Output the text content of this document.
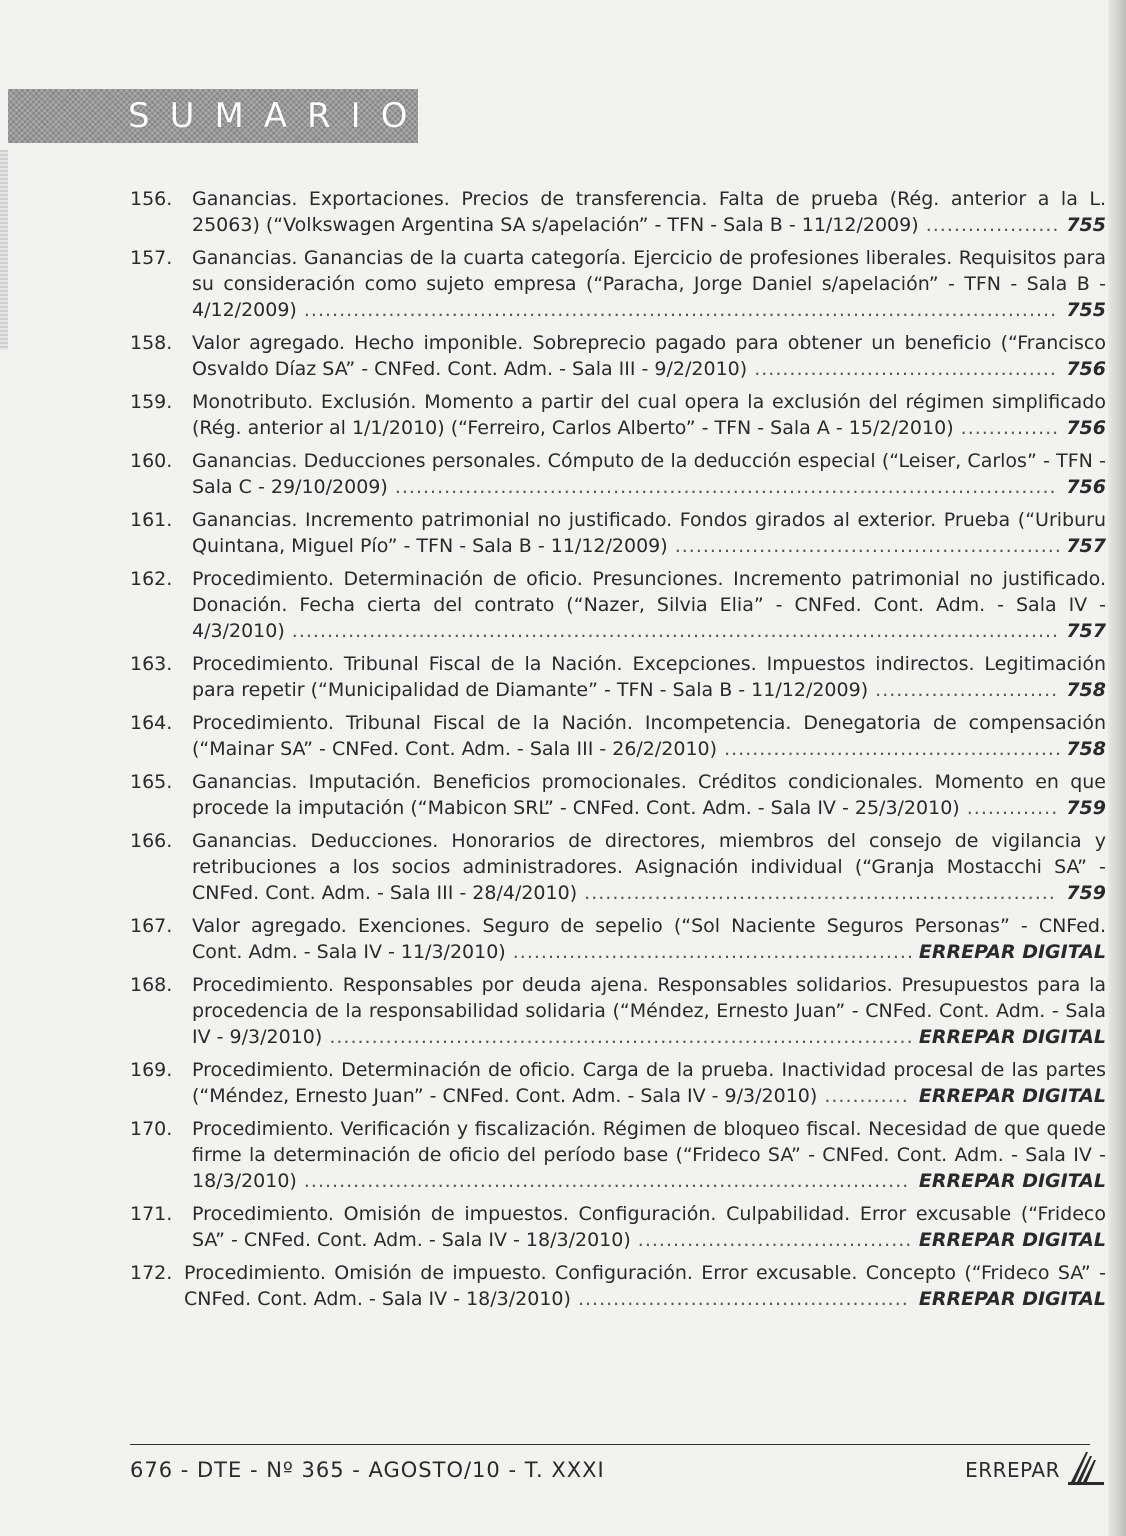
SUMARIO
156.	Ganancias. Exportaciones. Precios de transferencia. Falta de prueba (Rég. anterior a la L. 25063) (“Volkswagen Argentina SA s/apelación” - TFN - Sala B - 11/12/2009) ................... 755
157.	Ganancias. Ganancias de la cuarta categoría. Ejercicio de profesiones liberales. Requisitos para su consideración como sujeto empresa (“Paracha, Jorge Daniel s/apelación” - TFN - Sala B - 4/12/2009) ........................................................................................................... 755
158.	Valor agregado. Hecho imponible. Sobreprecio pagado para obtener un beneficio (“Francisco Osvaldo Díaz SA” - CNFed. Cont. Adm. - Sala III - 9/2/2010) ........................................... 756
159.	Monotributo. Exclusión. Momento a partir del cual opera la exclusión del régimen simplificado (Rég. anterior al 1/1/2010) (“Ferreiro, Carlos Alberto” - TFN - Sala A - 15/2/2010) .............. 756
160.	Ganancias. Deducciones personales. Cómputo de la deducción especial (“Leiser, Carlos” - TFN - Sala C - 29/10/2009) .............................................................................................. 756
161.	Ganancias. Incremento patrimonial no justificado. Fondos girados al exterior. Prueba (“Uriburu Quintana, Miguel Pío” - TFN - Sala B - 11/12/2009) ....................................................... 757
162.	Procedimiento. Determinación de oficio. Presunciones. Incremento patrimonial no justificado. Donación. Fecha cierta del contrato (“Nazer, Silvia Elia” - CNFed. Cont. Adm. - Sala IV - 4/3/2010) ............................................................................................................. 757
163.	Procedimiento. Tribunal Fiscal de la Nación. Excepciones. Impuestos indirectos. Legitimación para repetir (“Municipalidad de Diamante” - TFN - Sala B - 11/12/2009) .......................... 758
164.	Procedimiento. Tribunal Fiscal de la Nación. Incompetencia. Denegatoria de compensación (“Mainar SA” - CNFed. Cont. Adm. - Sala III - 26/2/2010) ................................................ 758
165.	Ganancias. Imputación. Beneficios promocionales. Créditos condicionales. Momento en que procede la imputación (“Mabicon SRL” - CNFed. Cont. Adm. - Sala IV - 25/3/2010) ............. 759
166.	Ganancias. Deducciones. Honorarios de directores, miembros del consejo de vigilancia y retribuciones a los socios administradores. Asignación individual (“Granja Mostacchi SA” - CNFed. Cont. Adm. - Sala III - 28/4/2010) ................................................................... 759
167.	Valor agregado. Exenciones. Seguro de sepelio (“Sol Naciente Seguros Personas” - CNFed. Cont. Adm. - Sala IV - 11/3/2010) ......................................................... ERREPAR DIGITAL
168.	Procedimiento. Responsables por deuda ajena. Responsables solidarios. Presupuestos para la procedencia de la responsabilidad solidaria (“Méndez, Ernesto Juan” - CNFed. Cont. Adm. - Sala IV - 9/3/2010) ................................................................................... ERREPAR DIGITAL
169.	Procedimiento. Determinación de oficio. Carga de la prueba. Inactividad procesal de las partes (“Méndez, Ernesto Juan” - CNFed. Cont. Adm. - Sala IV - 9/3/2010) ............ ERREPAR DIGITAL
170.	Procedimiento. Verificación y fiscalización. Régimen de bloqueo fiscal. Necesidad de que quede firme la determinación de oficio del período base (“Frideco SA” - CNFed. Cont. Adm. - Sala IV - 18/3/2010) ...................................................................................... ERREPAR DIGITAL
171.	Procedimiento. Omisión de impuestos. Configuración. Culpabilidad. Error excusable (“Frideco SA” - CNFed. Cont. Adm. - Sala IV - 18/3/2010) ....................................... ERREPAR DIGITAL
172. Procedimiento. Omisión de impuesto. Configuración. Error excusable. Concepto (“Frideco SA” - CNFed. Cont. Adm. - Sala IV - 18/3/2010) ............................................... ERREPAR DIGITAL
676 - DTE - Nº 365 - AGOSTO/10 - T. XXXI	ERREPAR
